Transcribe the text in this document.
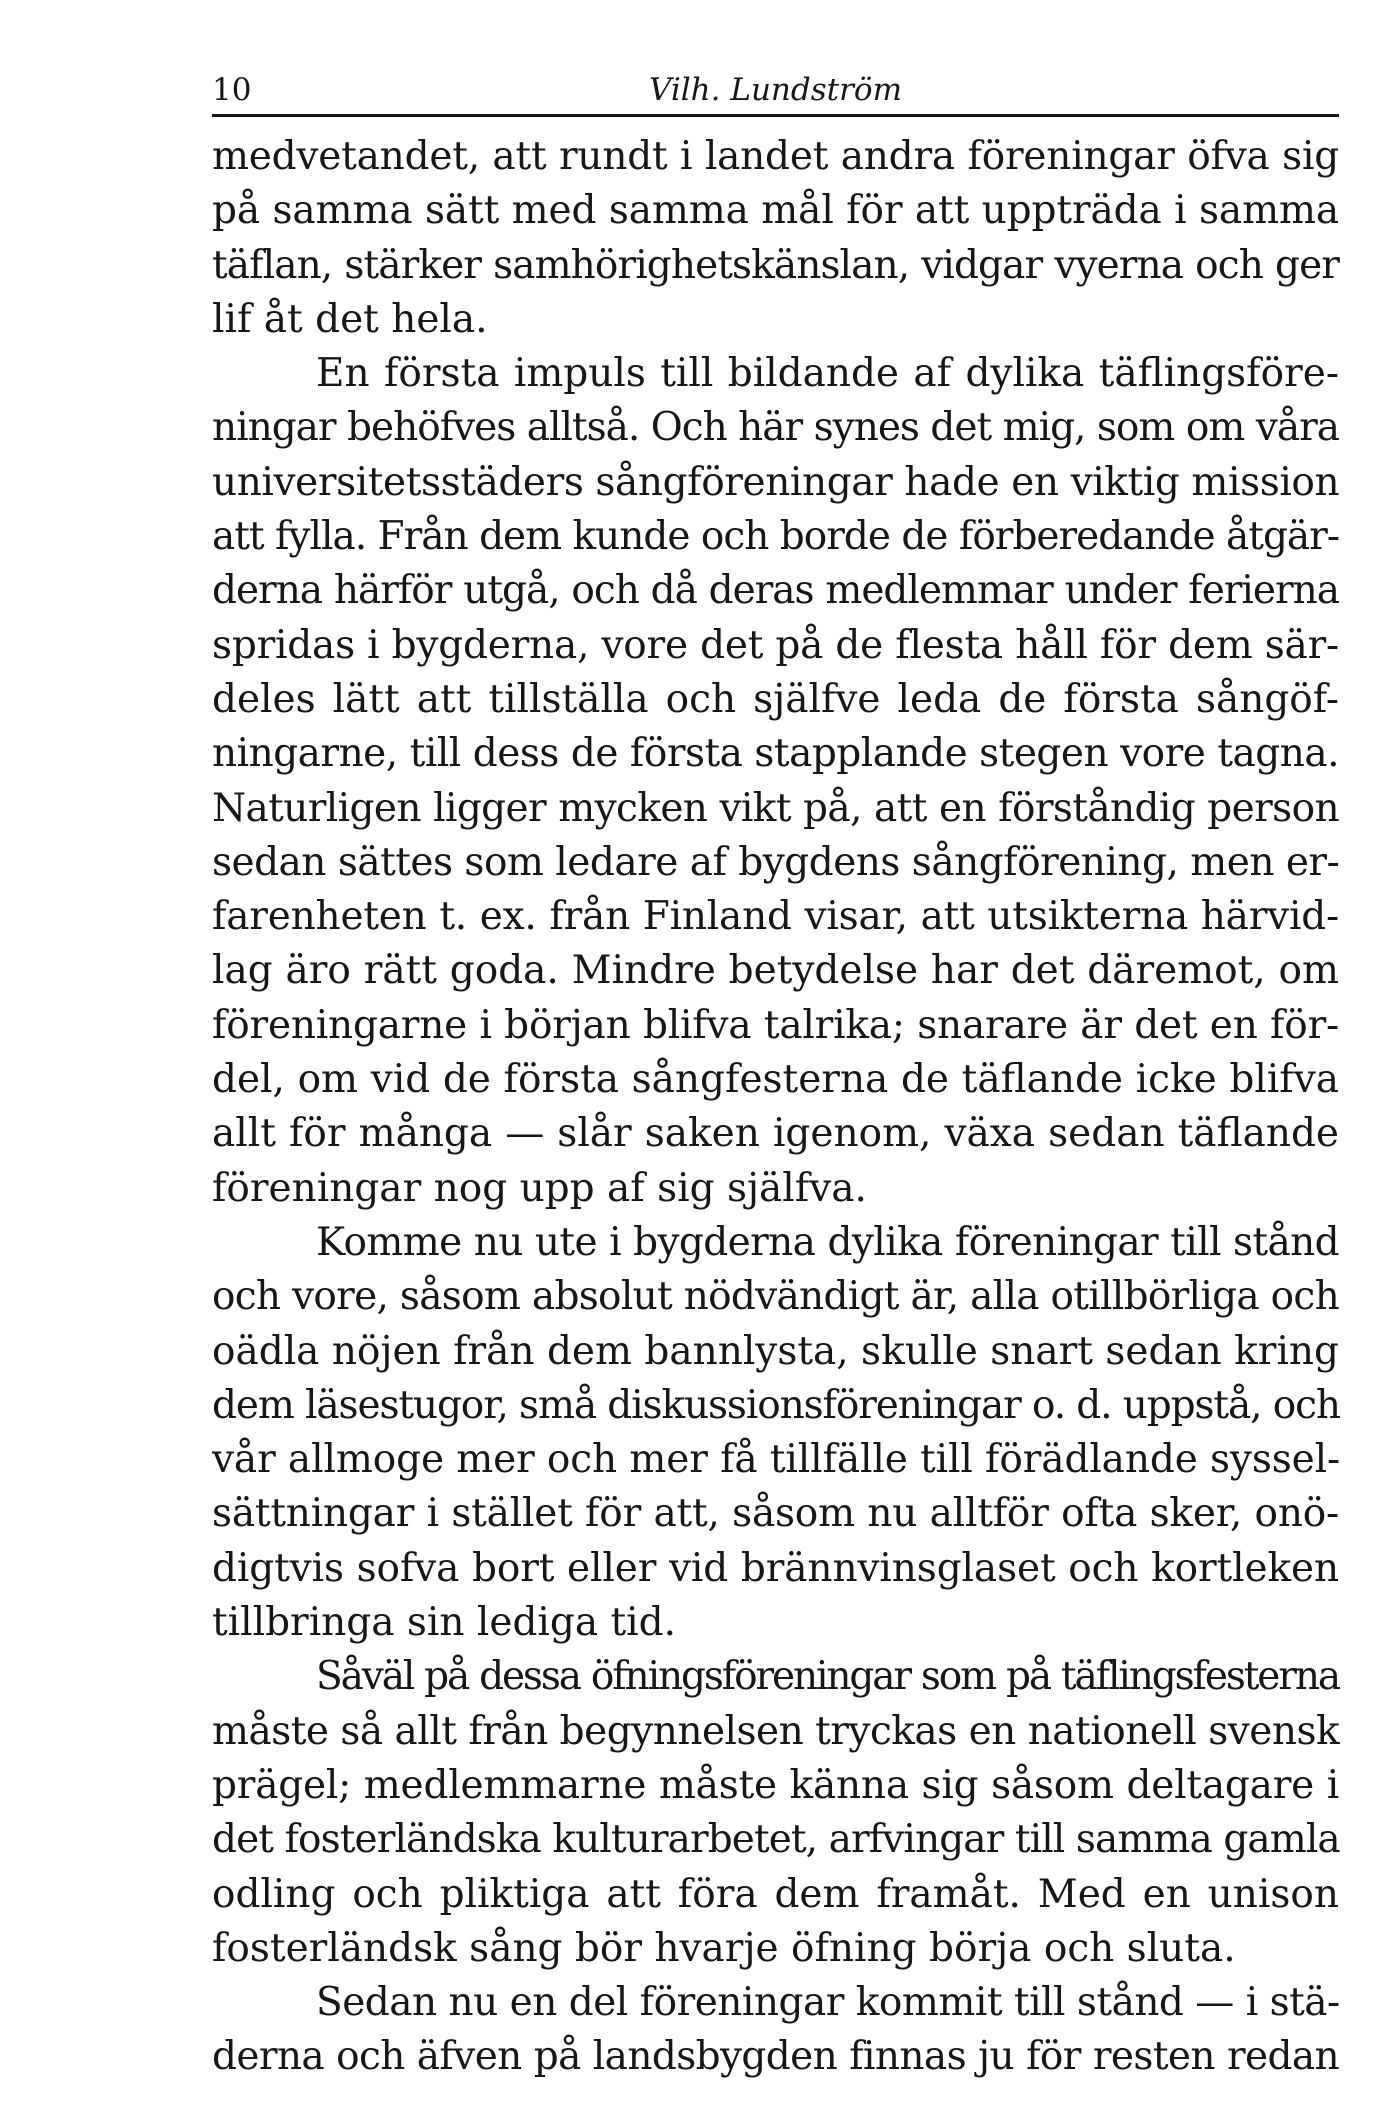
10	Vilh. Lundström
medvetandet, att rundt i landet andra föreningar öfva sig
på samma sätt med samma mål för att uppträda i samma
täflan, stärker samhörighetskänslan, vidgar vyerna och ger
lif åt det hela.
En första impuls till bildande af dylika täflingsföre-
ningar behöfves alltså. Och här synes det mig, som om våra
universitetsstäders sångföreningar hade en viktig mission
att fylla. Från dem kunde och borde de förberedande åtgär-
derna härför utgå, och då deras medlemmar under ferierna
spridas i bygderna, vore det på de flesta håll för dem sär-
deles lätt att tillställa och själfve leda de första sångöf-
ningarne, till dess de första stapplande stegen vore tagna.
Naturligen ligger mycken vikt på, att en förståndig person
sedan sättes som ledare af bygdens sångförening, men er-
farenheten t. ex. från Finland visar, att utsikterna härvid-
lag äro rätt goda. Mindre betydelse har det däremot, om
föreningarne i början blifva talrika; snarare är det en för-
del, om vid de första sångfesterna de täflande icke blifva
allt för många — slår saken igenom, växa sedan täflande
föreningar nog upp af sig själfva.
Komme nu ute i bygderna dylika föreningar till stånd
och vore, såsom absolut nödvändigt är, alla otillbörliga och
oädla nöjen från dem bannlysta, skulle snart sedan kring
dem läsestugor, små diskussionsföreningar o. d. uppstå, och
vår allmoge mer och mer få tillfälle till förädlande syssel-
sättningar i stället för att, såsom nu alltför ofta sker, onö-
digtvis sofva bort eller vid brännvinsglaset och kortleken
tillbringa sin lediga tid.
Såväl på dessa öfningsföreningar som på täflingsfesterna
måste så allt från begynnelsen tryckas en nationell svensk
prägel; medlemmarne måste känna sig såsom deltagare i
det fosterländska kulturarbetet, arfvingar till samma gamla
odling och pliktiga att föra dem framåt. Med en unison
fosterländsk sång bör hvarje öfning börja och sluta.
Sedan nu en del föreningar kommit till stånd — i stä-
derna och äfven på landsbygden finnas ju för resten redan
